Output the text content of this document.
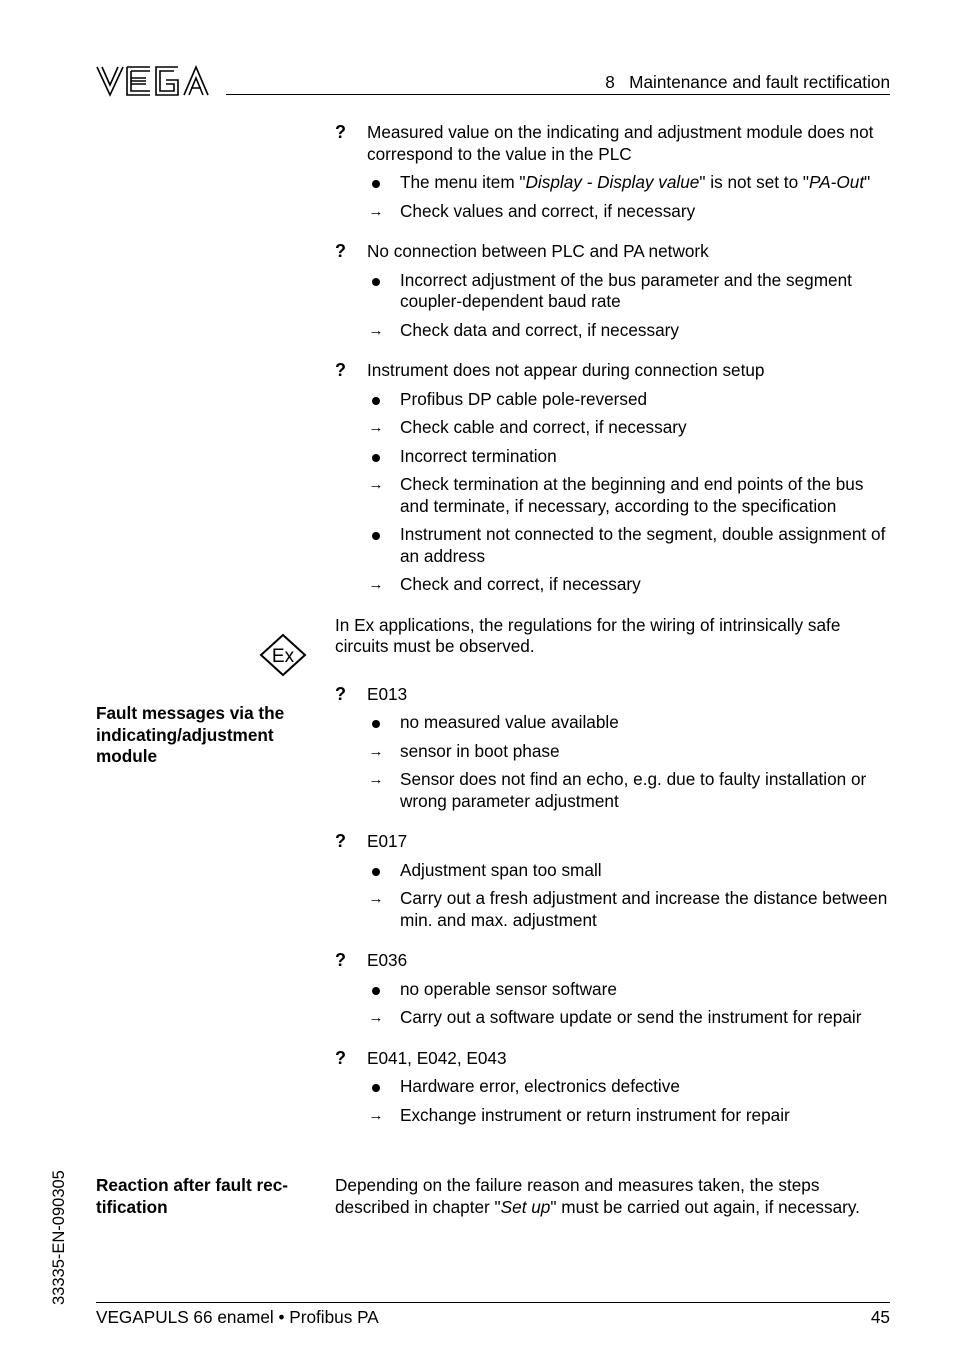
8   Maintenance and fault rectification
? Measured value on the indicating and adjustment module does not correspond to the value in the PLC
The menu item "Display - Display value" is not set to "PA-Out"
→ Check values and correct, if necessary
? No connection between PLC and PA network
Incorrect adjustment of the bus parameter and the segment coupler-dependent baud rate
→ Check data and correct, if necessary
? Instrument does not appear during connection setup
Profibus DP cable pole-reversed
→ Check cable and correct, if necessary
Incorrect termination
→ Check termination at the beginning and end points of the bus and terminate, if necessary, according to the specification
Instrument not connected to the segment, double assignment of an address
→ Check and correct, if necessary
In Ex applications, the regulations for the wiring of intrinsically safe circuits must be observed.
? E013
no measured value available
→ sensor in boot phase
→ Sensor does not find an echo, e.g. due to faulty installation or wrong parameter adjustment
? E017
Adjustment span too small
→ Carry out a fresh adjustment and increase the distance between min. and max. adjustment
? E036
no operable sensor software
→ Carry out a software update or send the instrument for repair
? E041, E042, E043
Hardware error, electronics defective
→ Exchange instrument or return instrument for repair
Ex
Fault messages via the indicating/adjustment module
Reaction after fault rec- tification
Depending on the failure reason and measures taken, the steps described in chapter "Set up" must be carried out again, if necessary.
33335-EN-090305
VEGAPULS 66 enamel • Profibus PA	45
